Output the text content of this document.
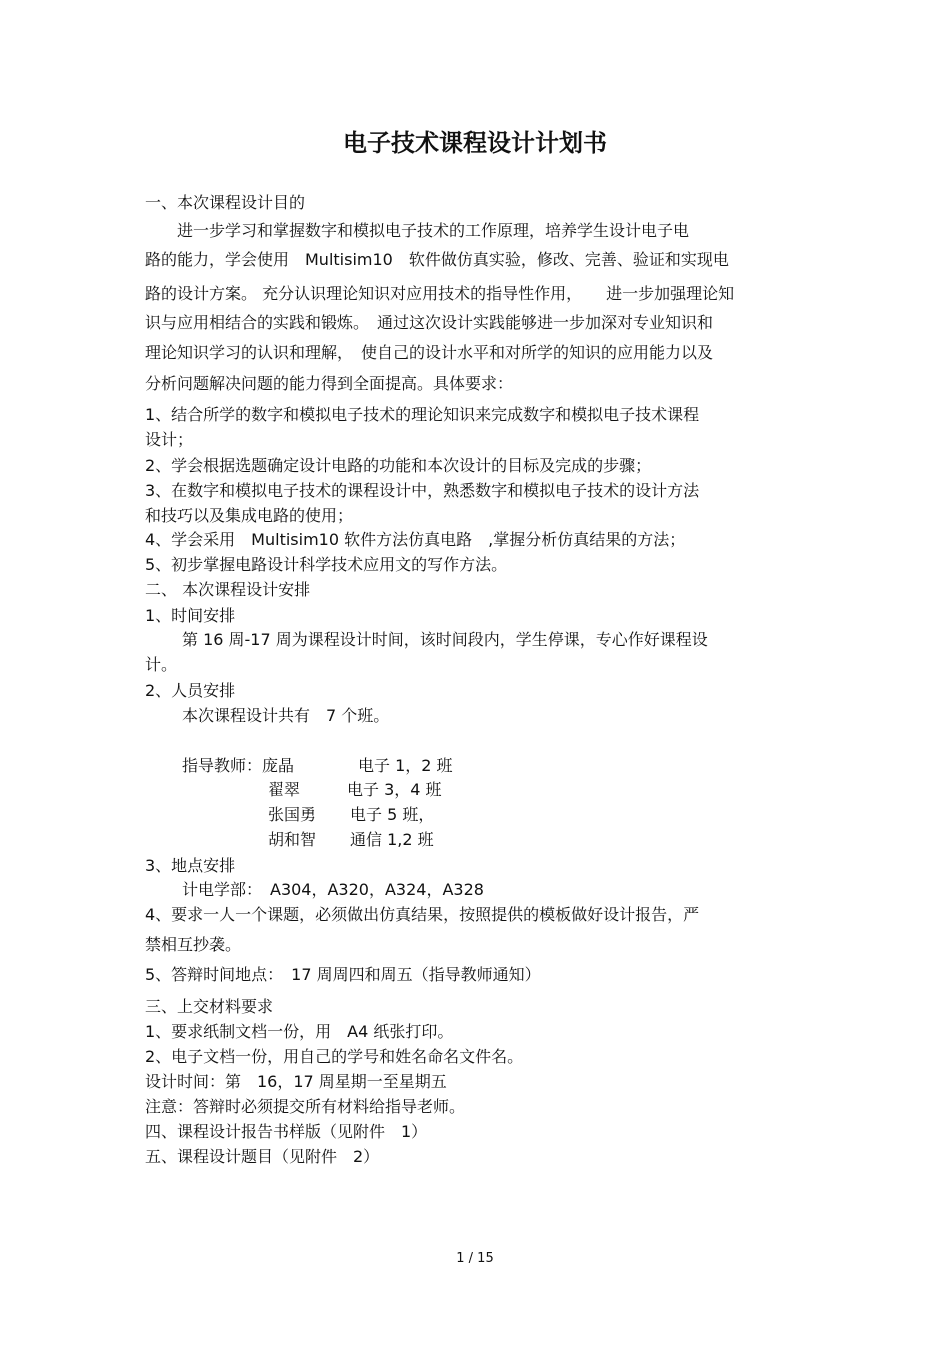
电子技术课程设计计划书
一、本次课程设计目的
进一步学习和掌握数字和模拟电子技术的工作原理，培养学生设计电子电
路的能力，学会使用　Multisim10　软件做仿真实验，修改、完善、验证和实现电
路的设计方案。 充分认识理论知识对应用技术的指导性作用，　　进一步加强理论知
识与应用相结合的实践和锻炼。　通过这次设计实践能够进一步加深对专业知识和
理论知识学习的认识和理解，　使自己的设计水平和对所学的知识的应用能力以及
分析问题解决问题的能力得到全面提高。具体要求：
1、结合所学的数字和模拟电子技术的理论知识来完成数字和模拟电子技术课程
设计；
2、学会根据选题确定设计电路的功能和本次设计的目标及完成的步骤；
3、在数字和模拟电子技术的课程设计中，熟悉数字和模拟电子技术的设计方法
和技巧以及集成电路的使用；
4、学会采用　Multisim10 软件方法仿真电路　,掌握分析仿真结果的方法；
5、初步掌握电路设计科学技术应用文的写作方法。
二、 本次课程设计安排
1、时间安排
第 16 周-17 周为课程设计时间，该时间段内，学生停课，专心作好课程设
计。
2、人员安排
本次课程设计共有　7 个班。
指导教师：庞晶	电子 1，2 班
翟翠	电子 3，4 班
张国勇 电子 5 班，
胡和智 通信 1,2 班
3、地点安排
计电学部：　A304，A320，A324，A328
4、要求一人一个课题，必须做出仿真结果，按照提供的模板做好设计报告，严
禁相互抄袭。
5、答辩时间地点：　17 周周四和周五（指导教师通知）
三、上交材料要求
1、要求纸制文档一份，用　A4 纸张打印。
2、电子文档一份，用自己的学号和姓名命名文件名。
设计时间：第　16，17 周星期一至星期五
注意：答辩时必须提交所有材料给指导老师。
四、课程设计报告书样版（见附件　1）
五、课程设计题目（见附件　2）
1 / 15
